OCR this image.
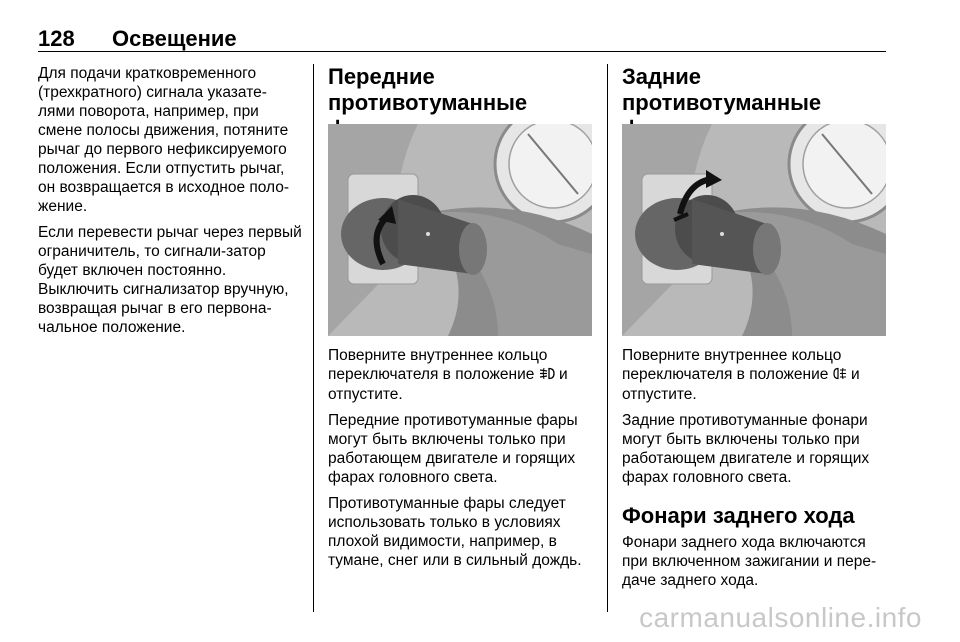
128 Освещение

Для подачи кратковременного (трехкратного) сигнала указате-лями поворота, например, при смене полосы движения, потяните рычаг до первого нефиксируемого положения. Если отпустить рычаг, он возвращается в исходное поло-жение.

Если перевести рычаг через первый ограничитель, то сигнали-затор будет включен постоянно. Выключить сигнализатор вручную, возвращая рычаг в его первона-чальное положение.

Передние противотуманные

Поверните внутреннее кольцо переключателя в положение и отпустите.

Передние противотуманные фары могут быть включены только при работающем двигателе и горящих фарах головного света.

Противотуманные фары следует использовать только в условиях плохой видимости, например, в тумане, снег или в сильный дождь.

Задние противотуманные

Поверните внутреннее кольцо переключателя в положение и отпустите.

Задние противотуманные фонари могут быть включены только при работающем двигателе и горящих фарах головного света.

Фонари заднего хода

Фонари заднего хода включаются при включенном зажигании и пере-даче заднего хода.

carmanualsonline.info
